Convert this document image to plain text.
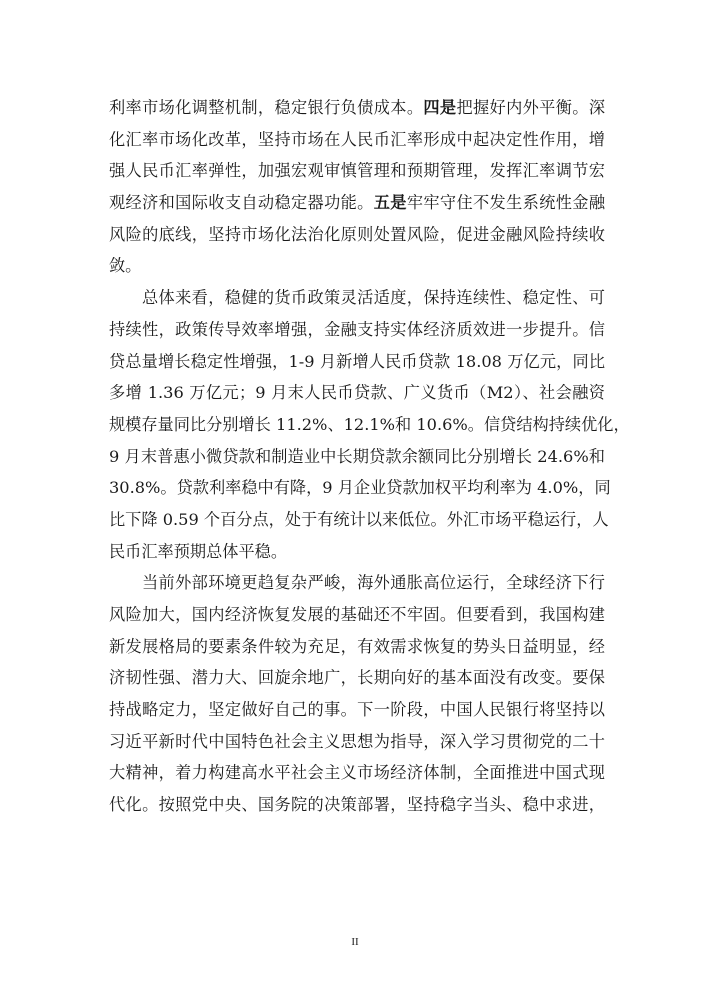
利率市场化调整机制，稳定银行负债成本。四是把握好内外平衡。深
化汇率市场化改革，坚持市场在人民币汇率形成中起决定性作用，增
强人民币汇率弹性，加强宏观审慎管理和预期管理，发挥汇率调节宏
观经济和国际收支自动稳定器功能。五是牢牢守住不发生系统性金融
风险的底线，坚持市场化法治化原则处置风险，促进金融风险持续收
敛。
总体来看，稳健的货币政策灵活适度，保持连续性、稳定性、可
持续性，政策传导效率增强，金融支持实体经济质效进一步提升。信
贷总量增长稳定性增强，1-9 月新增人民币贷款 18.08 万亿元，同比
多增 1.36 万亿元；9 月末人民币贷款、广义货币（M2）、社会融资
规模存量同比分别增长 11.2%、12.1%和 10.6%。信贷结构持续优化，
9 月末普惠小微贷款和制造业中长期贷款余额同比分别增长 24.6%和
30.8%。贷款利率稳中有降，9 月企业贷款加权平均利率为 4.0%，同
比下降 0.59 个百分点，处于有统计以来低位。外汇市场平稳运行，人
民币汇率预期总体平稳。
当前外部环境更趋复杂严峻，海外通胀高位运行，全球经济下行
风险加大，国内经济恢复发展的基础还不牢固。但要看到，我国构建
新发展格局的要素条件较为充足，有效需求恢复的势头日益明显，经
济韧性强、潜力大、回旋余地广，长期向好的基本面没有改变。要保
持战略定力，坚定做好自己的事。下一阶段，中国人民银行将坚持以
习近平新时代中国特色社会主义思想为指导，深入学习贯彻党的二十
大精神，着力构建高水平社会主义市场经济体制，全面推进中国式现
代化。按照党中央、国务院的决策部署，坚持稳字当头、稳中求进，
II
